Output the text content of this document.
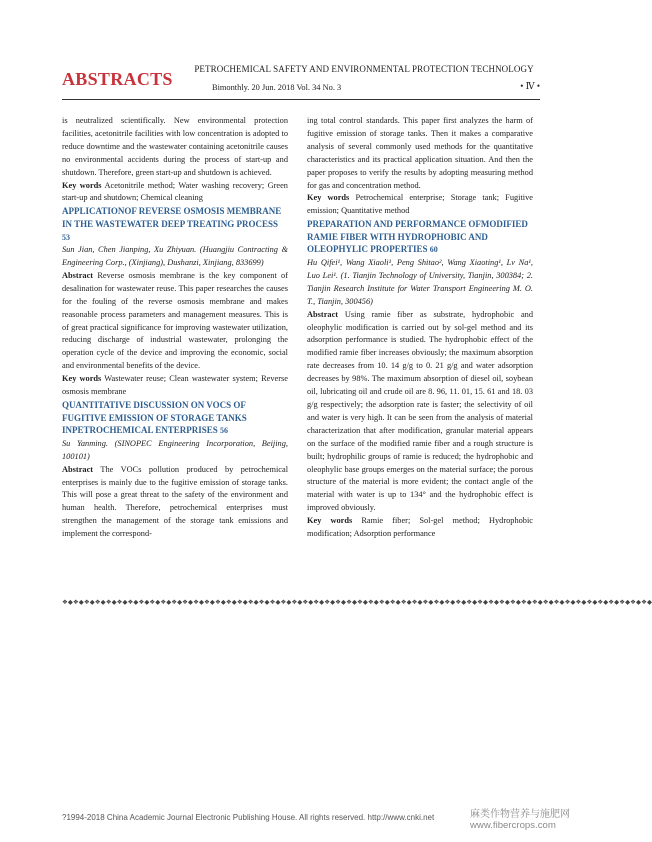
ABSTRACTS	PETROCHEMICAL SAFETY AND ENVIRONMENTAL PROTECTION TECHNOLOGY
Bimonthly. 20 Jun. 2018 Vol. 34 No. 3	• Ⅳ •

is neutralized scientifically. New environmental protection facilities, acetonitrile facilities with low concentration is adopted to reduce downtime and the wastewater containing acetonitrile causes no environmental accidents during the process of start-up and shutdown. Therefore, green start-up and shutdown is achieved.

Key words Acetonitrile method; Water washing recovery; Green start-up and shutdown; Chemical cleaning

APPLICATIONOF REVERSE OSMOSIS MEMBRANE IN THE WASTEWATER DEEP TREATING PROCESS 53

Sun Jian, Chen Jianping, Xu Zhiyuan. (Huangjiu Contracting & Engineering Corp., (Xinjiang), Dushanzi, Xinjiang, 833699)

Abstract Reverse osmosis membrane is the key component of desalination for wastewater reuse. This paper researches the causes for the fouling of the reverse osmosis membrane and makes reasonable process parameters and management measures. This is of great practical significance for improving wastewater utilization, reducing discharge of industrial wastewater, prolonging the operation cycle of the device and improving the economic, social and environmental benefits of the device.

Key words Wastewater reuse; Clean wastewater system; Reverse osmosis membrane

QUANTITATIVE DISCUSSION ON VOCS OF FUGITIVE EMISSION OF STORAGE TANKS INPETROCHEMICAL ENTERPRISES 56

Su Yanming. (SINOPEC Engineering Incorporation, Beijing, 100101)

Abstract The VOCs pollution produced by petrochemical enterprises is mainly due to the fugitive emission of storage tanks. This will pose a great threat to the safety of the environment and human health. Therefore, petrochemical enterprises must strengthen the management of the storage tank emissions and implement the correspond-

ing total control standards. This paper first analyzes the harm of fugitive emission of storage tanks. Then it makes a comparative analysis of several commonly used methods for the quantitative characteristics and its practical application situation. And then the paper proposes to verify the results by adopting measuring method for gas and concentration method.

Key words Petrochemical enterprise; Storage tank; Fugitive emission; Quantitative method

PREPARATION AND PERFORMANCE OFMODIFIED RAMIE FIBER WITH HYDROPHOBIC AND OLEOPHYLIC PROPERTIES 60

Hu Qifei¹, Wang Xiaoli¹, Peng Shitao², Wang Xiaoting¹, Lv Na¹, Luo Lei¹. (1. Tianjin Technology of University, Tianjin, 300384; 2. Tianjin Research Institute for Water Transport Engineering M. O. T., Tianjin, 300456)

Abstract Using ramie fiber as substrate, hydrophobic and oleophylic modification is carried out by sol-gel method and its adsorption performance is studied. The hydrophobic effect of the modified ramie fiber increases obviously; the maximum absorption rate decreases from 10. 14 g/g to 0. 21 g/g and water adsorption decreases by 98%. The maximum absorption of diesel oil, soybean oil, lubricating oil and crude oil are 8. 96, 11. 01, 15. 61 and 18. 03 g/g respectively; the adsorption rate is faster; the selectivity of oil and water is very high. It can be seen from the analysis of material characterization that after modification, granular material appears on the surface of the modified ramie fiber and a rough structure is built; hydrophilic groups of ramie is reduced; the hydrophobic and oleophylic base groups emerges on the material surface; the porous structure of the material is more evident; the contact angle of the material with water is up to 134° and the hydrophobic effect is improved obviously.

Key words Ramie fiber; Sol-gel method; Hydrophobic modification; Adsorption performance

❖◆❖◆❖◆❖◆❖◆❖◆❖◆❖◆❖◆❖◆❖◆❖◆❖◆❖◆❖◆❖◆❖◆❖◆❖◆❖◆❖◆❖◆❖◆❖◆❖◆❖◆❖◆❖◆❖◆❖◆❖◆❖◆❖◆❖◆❖◆❖◆❖◆❖◆❖◆❖◆❖◆❖◆❖◆❖◆❖◆❖◆❖◆❖◆❖◆❖◆❖◆❖◆❖◆❖◆
?1994-2018 China Academic Journal Electronic Publishing House. All rights reserved. http://www.cnki.net	麻类作物营养与施肥网
www.fibercrops.com
